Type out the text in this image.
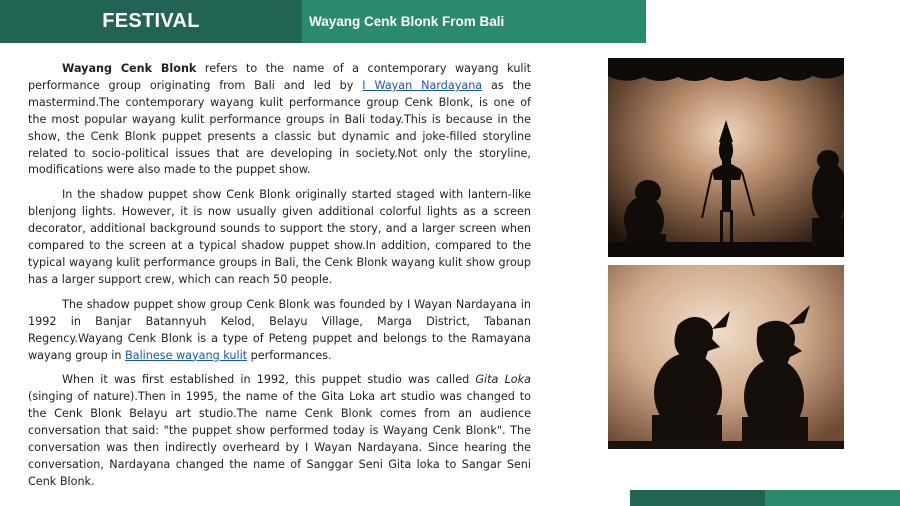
FESTIVAL	Wayang Cenk Blonk From Bali

Wayang Cenk Blonk refers to the name of a contemporary wayang kulit performance group originating from Bali and led by I Wayan Nardayana as the mastermind.The contemporary wayang kulit performance group Cenk Blonk, is one of the most popular wayang kulit performance groups in Bali today.This is because in the show, the Cenk Blonk puppet presents a classic but dynamic and joke-filled storyline related to socio-political issues that are developing in society.Not only the storyline, modifications were also made to the puppet show.

In the shadow puppet show Cenk Blonk originally started staged with lantern-like blenjong lights. However, it is now usually given additional colorful lights as a screen decorator, additional background sounds to support the story, and a larger screen when compared to the screen at a typical shadow puppet show.In addition, compared to the typical wayang kulit performance groups in Bali, the Cenk Blonk wayang kulit show group has a larger support crew, which can reach 50 people.

The shadow puppet show group Cenk Blonk was founded by I Wayan Nardayana in 1992 in Banjar Batannyuh Kelod, Belayu Village, Marga District, Tabanan Regency.Wayang Cenk Blonk is a type of Peteng puppet and belongs to the Ramayana wayang group in Balinese wayang kulit performances.

When it was first established in 1992, this puppet studio was called Gita Loka (singing of nature).Then in 1995, the name of the Gita Loka art studio was changed to the Cenk Blonk Belayu art studio.The name Cenk Blonk comes from an audience conversation that said: "the puppet show performed today is Wayang Cenk Blonk". The conversation was then indirectly overheard by I Wayan Nardayana. Since hearing the conversation, Nardayana changed the name of Sanggar Seni Gita loka to Sangar Seni Cenk Blonk.
